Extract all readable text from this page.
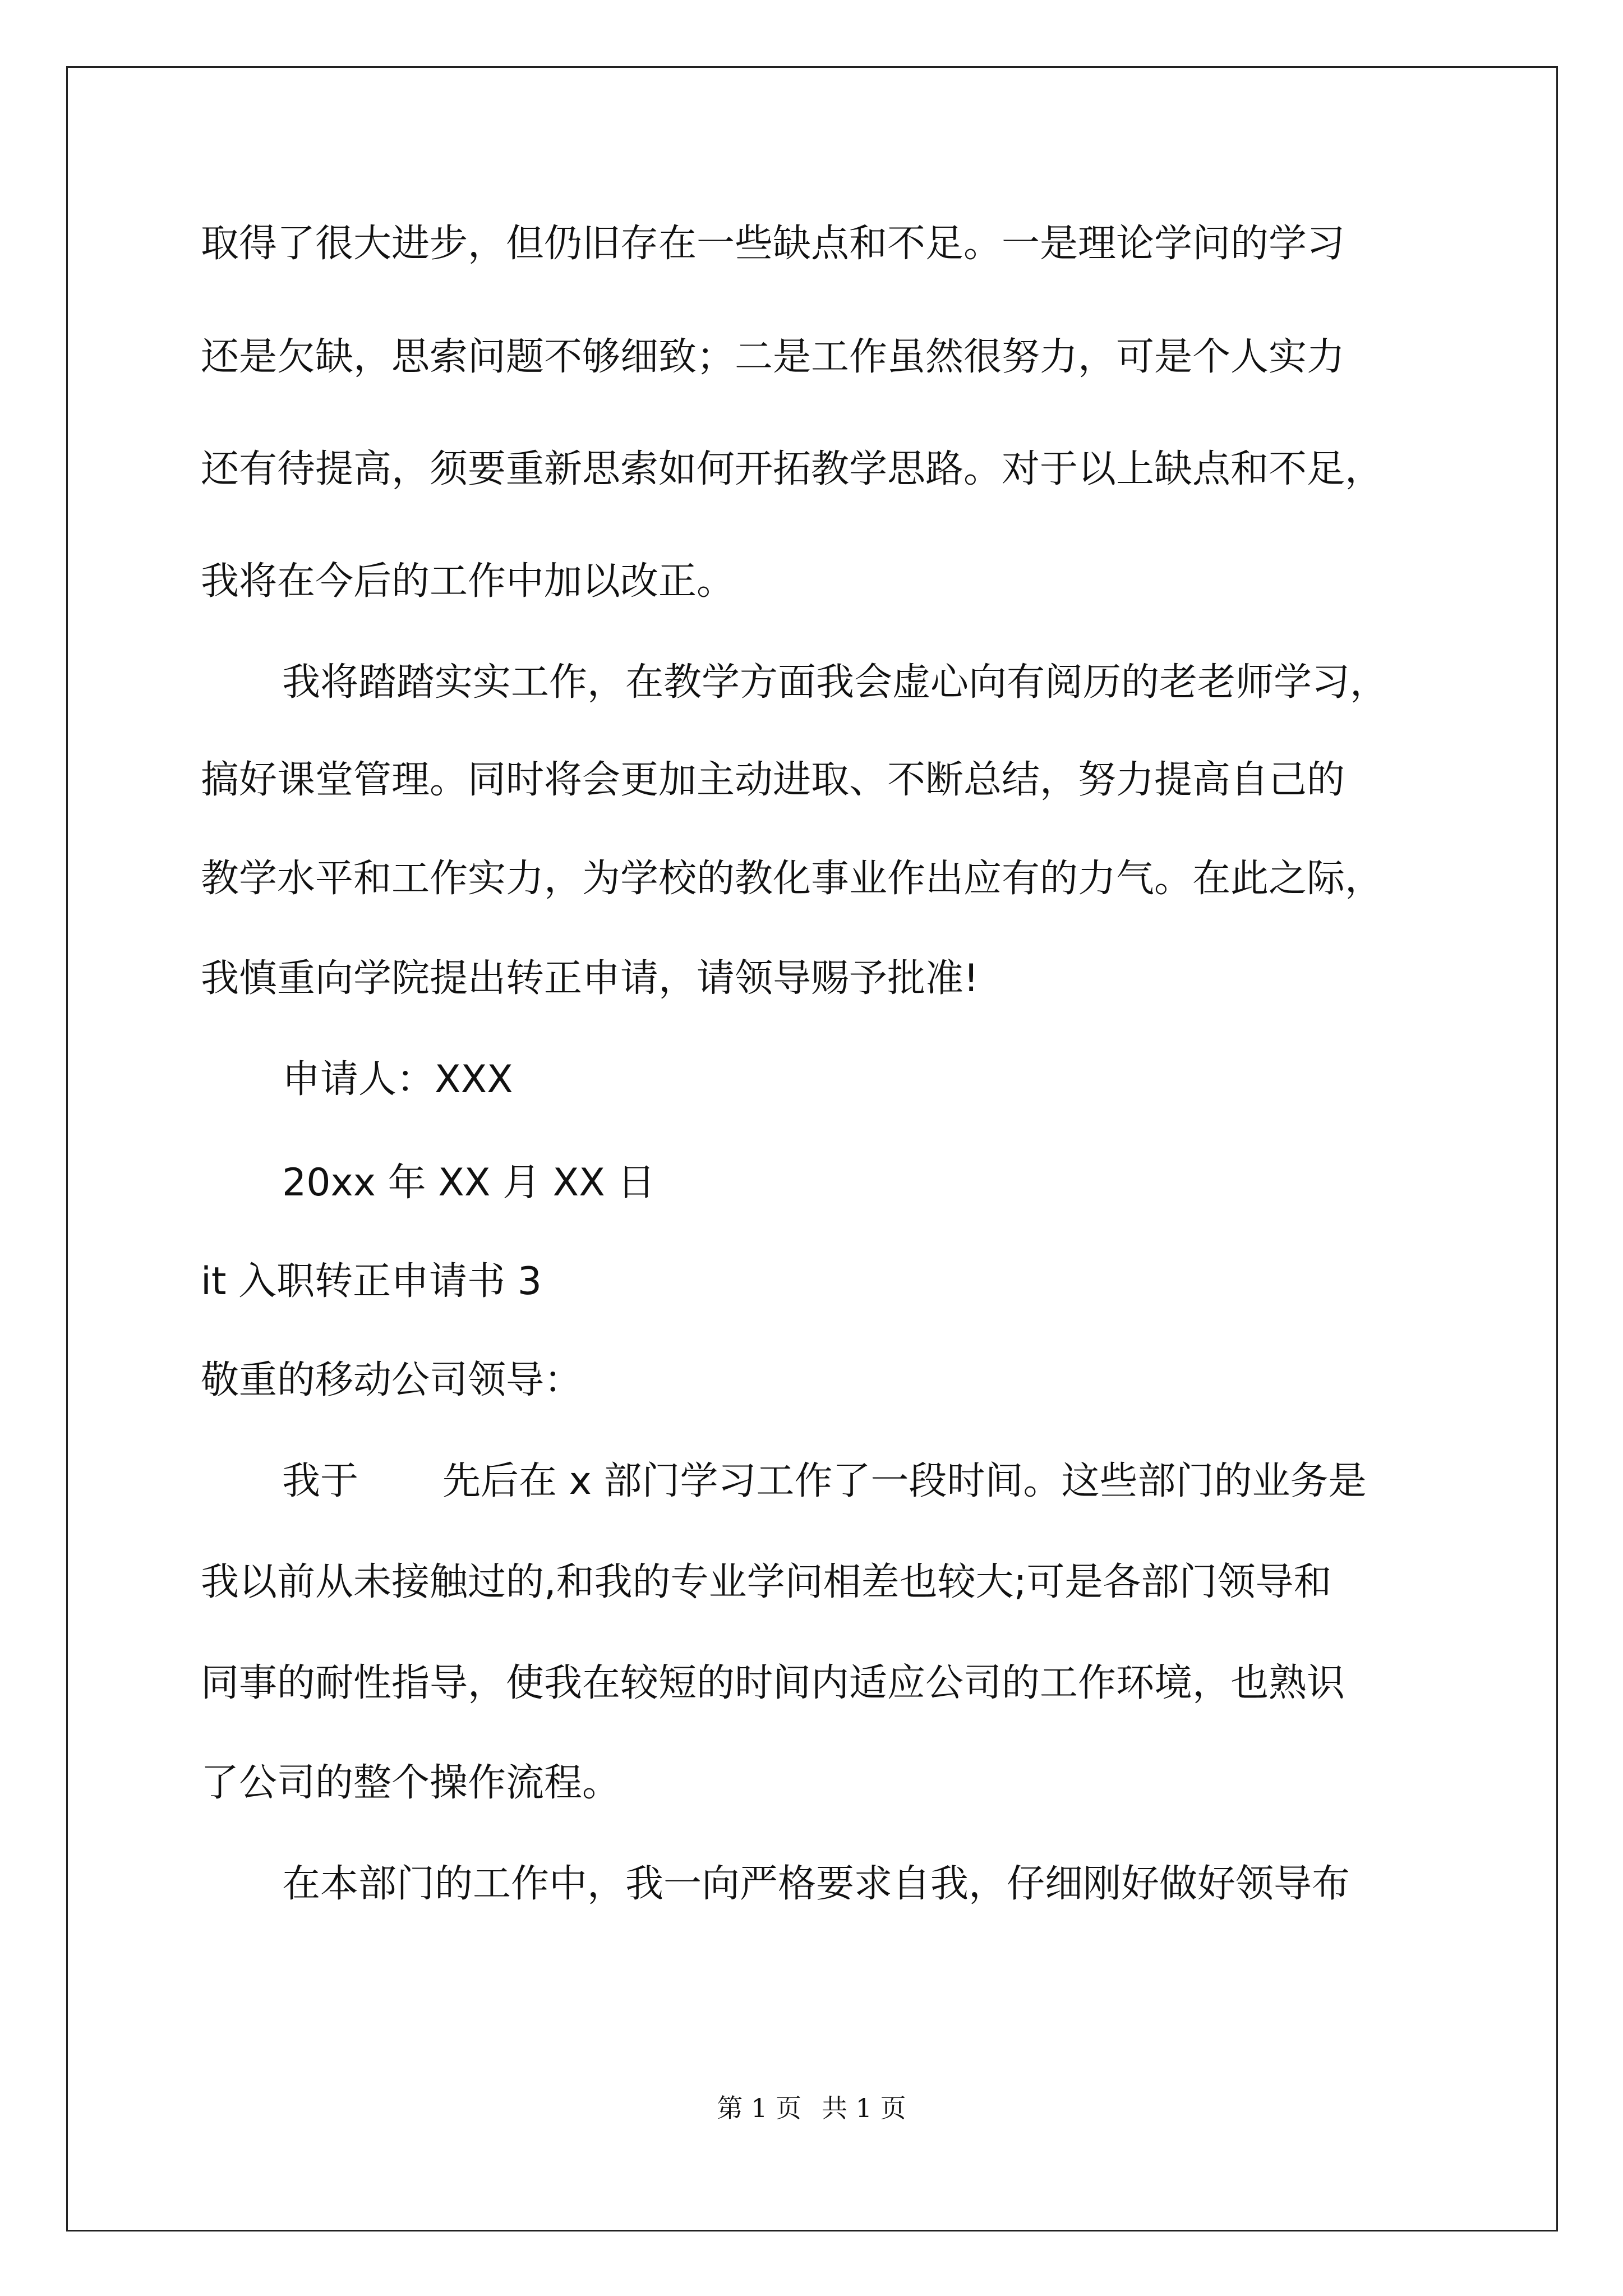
取得了很大进步，但仍旧存在一些缺点和不足。一是理论学问的学习

还是欠缺，思索问题不够细致；二是工作虽然很努力，可是个人实力

还有待提高，须要重新思索如何开拓教学思路。对于以上缺点和不足，

我将在今后的工作中加以改正。

我将踏踏实实工作，在教学方面我会虚心向有阅历的老老师学习，

搞好课堂管理。同时将会更加主动进取、不断总结，努力提高自己的

教学水平和工作实力，为学校的教化事业作出应有的力气。在此之际，

我慎重向学院提出转正申请，请领导赐予批准!

申请人：XXX

20xx 年 XX 月 XX 日

it 入职转正申请书 3

敬重的移动公司领导：

我于 先后在 x 部门学习工作了一段时间。这些部门的业务是

我以前从未接触过的,和我的专业学问相差也较大;可是各部门领导和

同事的耐性指导，使我在较短的时间内适应公司的工作环境，也熟识

了公司的整个操作流程。

在本部门的工作中，我一向严格要求自我，仔细刚好做好领导布

第 1 页 共 1 页
